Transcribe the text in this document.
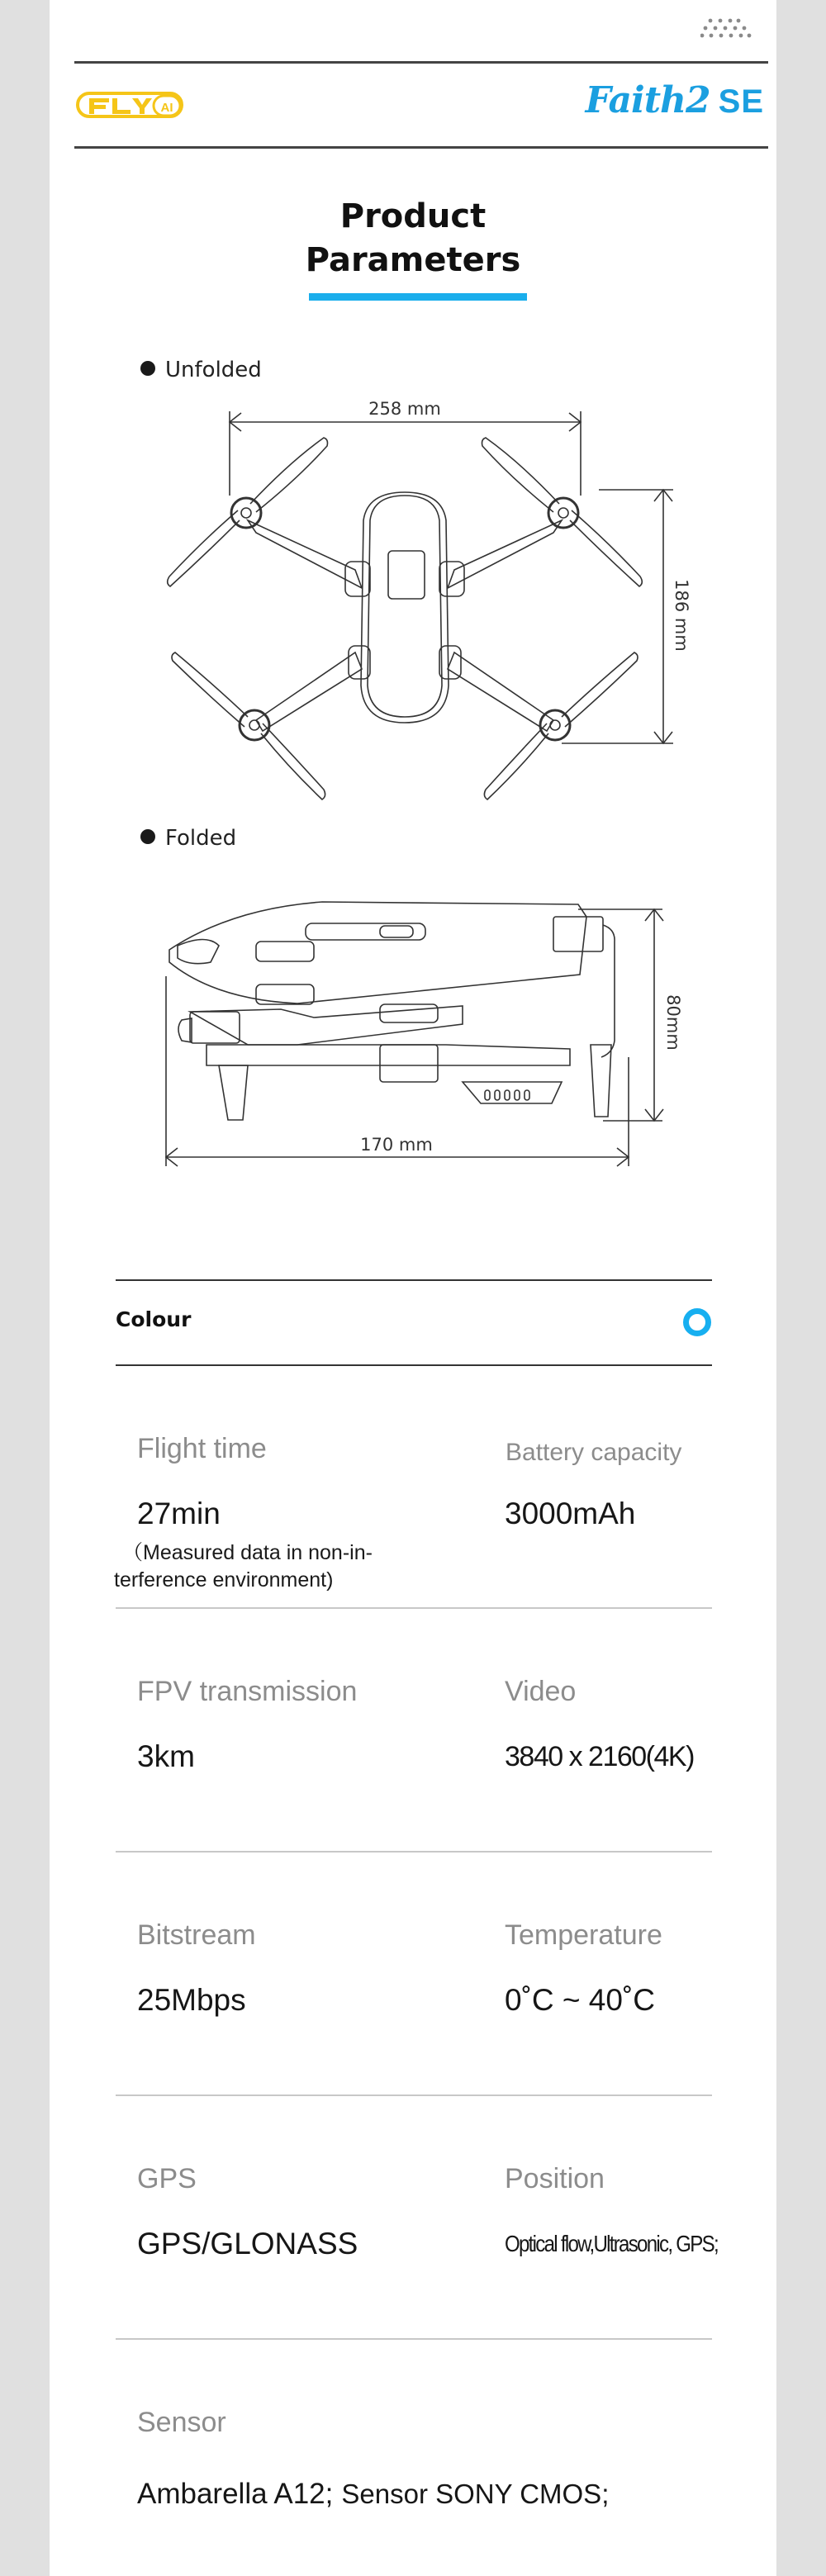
AI	Faith2 SE
Product
Parameters
Unfolded
258 mm
186 mm
Folded
170 mm
80mm
Colour
Flight time	Battery capacity
27min	3000mAh
（Measured data in non-in-
terference environment)
FPV transmission	Video
3km	3840 x 2160(4K)
Bitstream	Temperature
25Mbps	0˚C ~ 40˚C
GPS	Position
GPS/GLONASS	Optical flow,Ultrasonic, GPS;
Sensor
Ambarella A12; Sensor SONY CMOS;
